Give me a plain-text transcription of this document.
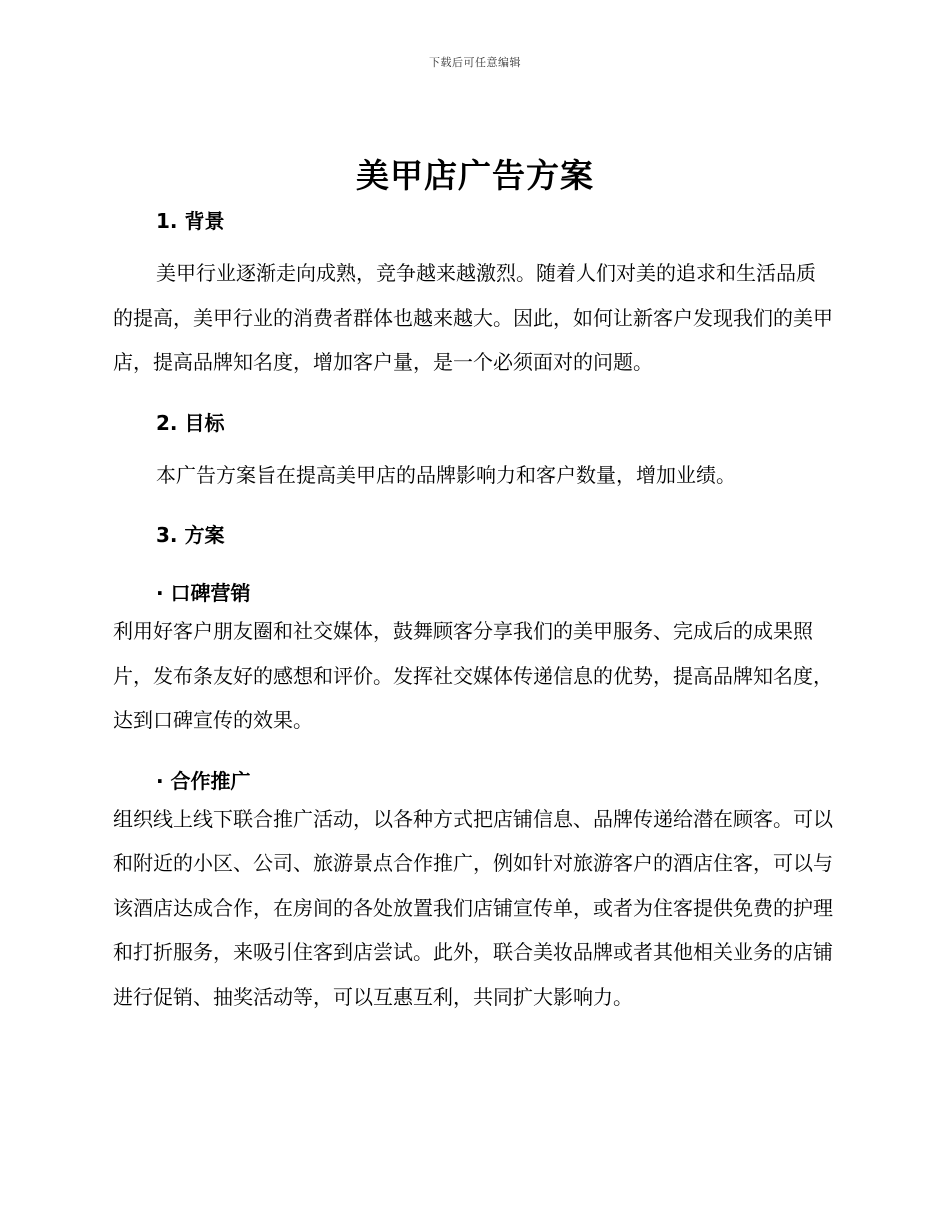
下载后可任意编辑
美甲店广告方案
1. 背景

美甲行业逐渐走向成熟，竞争越来越激烈。随着人们对美的追求和生活品质的提高，美甲行业的消费者群体也越来越大。因此，如何让新客户发现我们的美甲店，提高品牌知名度，增加客户量，是一个必须面对的问题。

2. 目标

本广告方案旨在提高美甲店的品牌影响力和客户数量，增加业绩。

3. 方案
· 口碑营销

利用好客户朋友圈和社交媒体，鼓舞顾客分享我们的美甲服务、完成后的成果照片，发布条友好的感想和评价。发挥社交媒体传递信息的优势，提高品牌知名度，达到口碑宣传的效果。

· 合作推广

组织线上线下联合推广活动，以各种方式把店铺信息、品牌传递给潜在顾客。可以和附近的小区、公司、旅游景点合作推广，例如针对旅游客户的酒店住客，可以与该酒店达成合作，在房间的各处放置我们店铺宣传单，或者为住客提供免费的护理和打折服务，来吸引住客到店尝试。此外，联合美妆品牌或者其他相关业务的店铺进行促销、抽奖活动等，可以互惠互利，共同扩大影响力。
